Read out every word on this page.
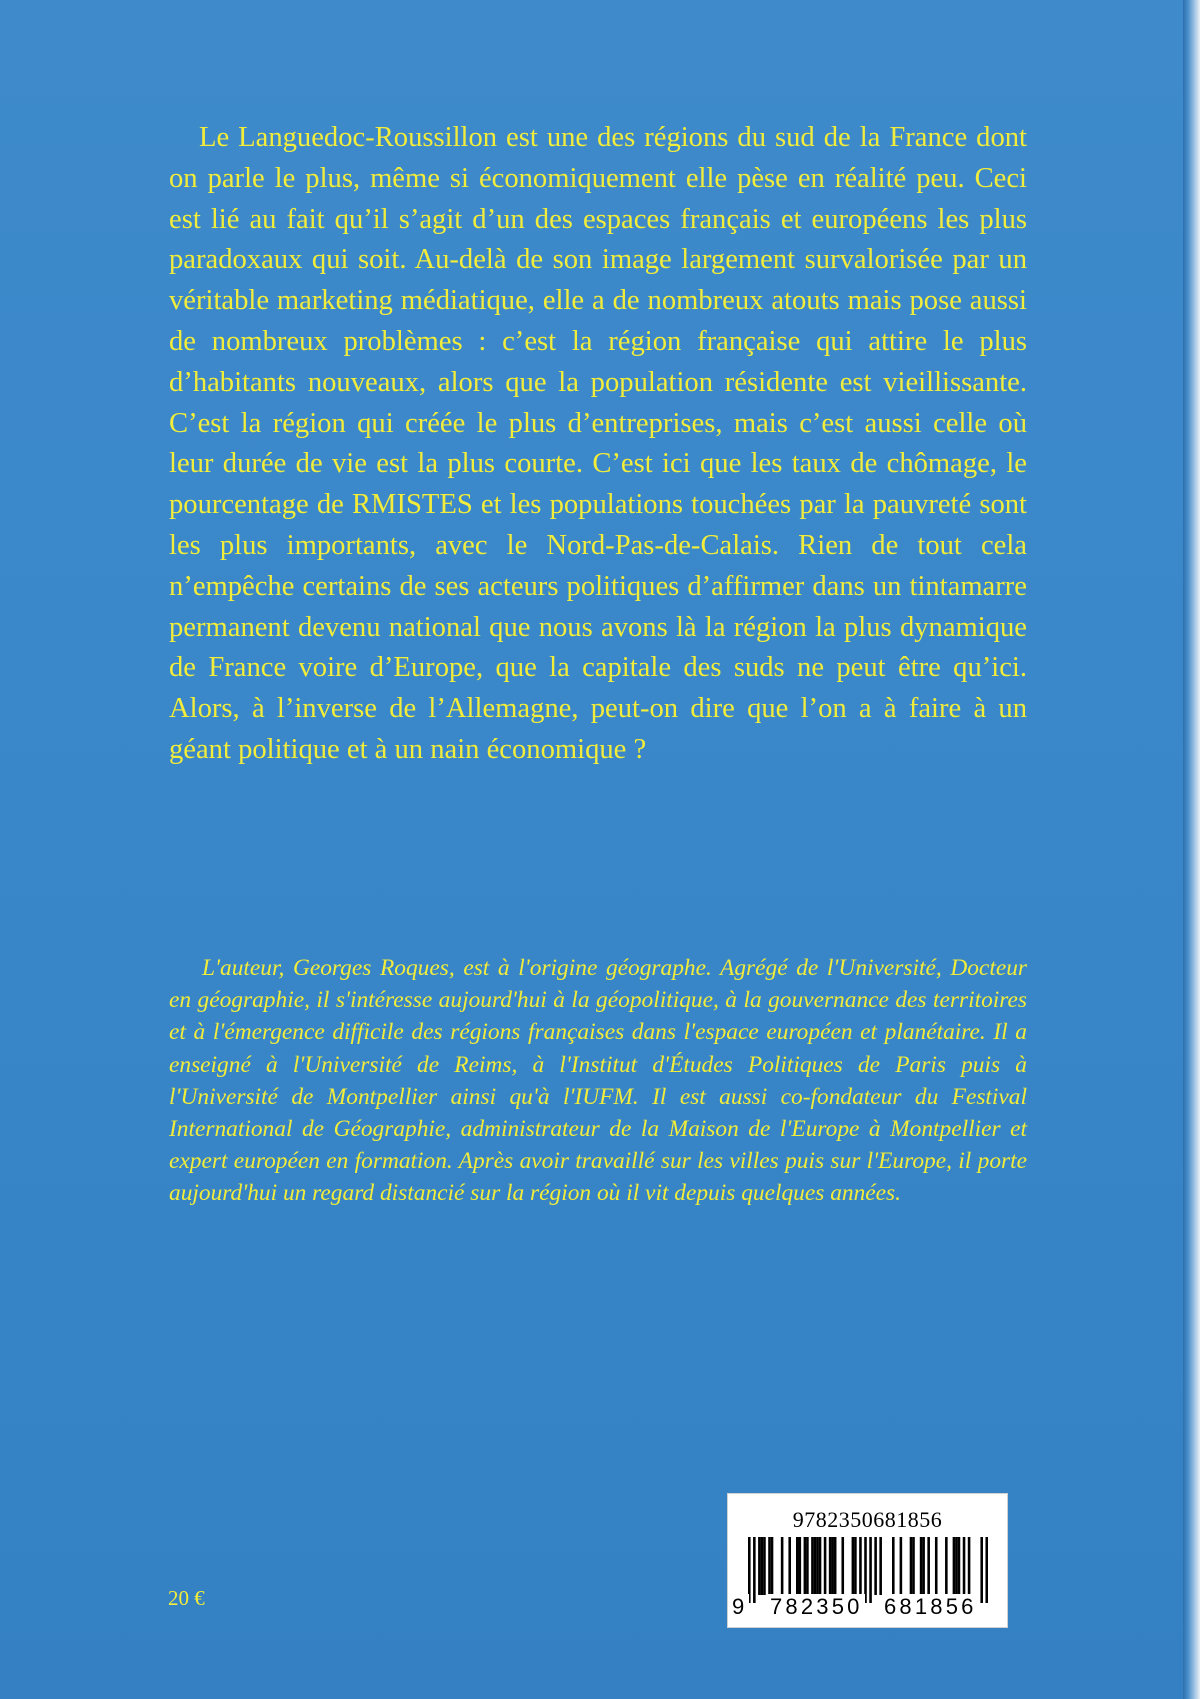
Le Languedoc-Roussillon est une des régions du sud de la France dont on parle le plus, même si économiquement elle pèse en réalité peu. Ceci est lié au fait qu’il s’agit d’un des espaces français et européens les plus paradoxaux qui soit. Au-delà de son image largement survalorisée par un véritable marketing médiatique, elle a de nombreux atouts mais pose aussi de nombreux problèmes : c’est la région française qui attire le plus d’habitants nouveaux, alors que la population résidente est vieillissante. C’est la région qui créée le plus d’entreprises, mais c’est aussi celle où leur durée de vie est la plus courte. C’est ici que les taux de chômage, le pourcentage de RMISTES et les populations touchées par la pauvreté sont les plus importants, avec le Nord-Pas-de-Calais. Rien de tout cela n’empêche certains de ses acteurs politiques d’affirmer dans un tintamarre permanent devenu national que nous avons là la région la plus dynamique de France voire d’Europe, que la capitale des suds ne peut être qu’ici. Alors, à l’inverse de l’Allemagne, peut-on dire que l’on a à faire à un géant politique et à un nain économique ?

L'auteur, Georges Roques, est à l'origine géographe. Agrégé de l'Université, Docteur en géographie, il s'intéresse aujourd'hui à la géopolitique, à la gouvernance des territoires et à l'émergence difficile des régions françaises dans l'espace européen et planétaire. Il a enseigné à l'Université de Reims, à l'Institut d'Études Politiques de Paris puis à l'Université de Montpellier ainsi qu'à l'IUFM. Il est aussi co-fondateur du Festival International de Géographie, administrateur de la Maison de l'Europe à Montpellier et expert européen en formation. Après avoir travaillé sur les villes puis sur l'Europe, il porte aujourd'hui un regard distancié sur la région où il vit depuis quelques années.

20 €
9782350681856
9 782350 681856
